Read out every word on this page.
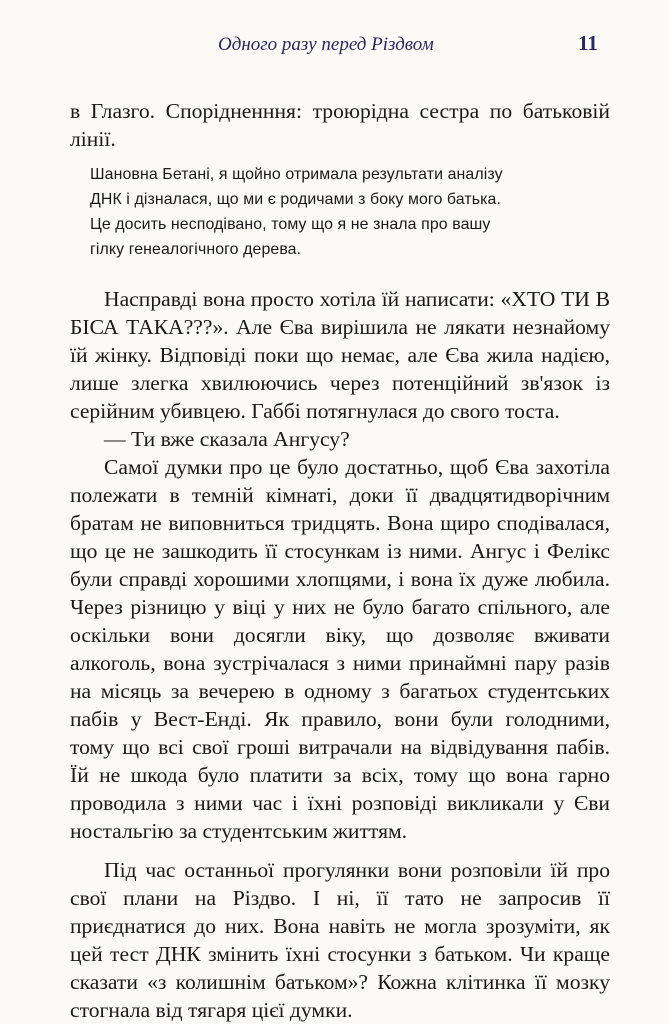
Одного разу перед Різдвом	11

в Глазго. Спорідненння: троюрідна сестра по батьковій лінії.

Шановна Бетані, я щойно отримала результати аналізу
ДНК і дізналася, що ми є родичами з боку мого батька.
Це досить несподівано, тому що я не знала про вашу
гілку генеалогічного дерева.

Насправді вона просто хотіла їй написати: «ХТО ТИ В БІСА ТАКА???». Але Єва вирішила не лякати незнайому їй жінку. Відповіді поки що немає, але Єва жила надією, лише злегка хвилюючись через потенційний зв'язок із серійним убивцею. Габбі потягнулася до свого тоста.

— Ти вже сказала Ангусу?

Самої думки про це було достатньо, щоб Єва захотіла полежати в темній кімнаті, доки її двадцятидворічним братам не виповниться тридцять. Вона щиро сподівалася, що це не зашкодить її стосункам із ними. Ангус і Фелікс були справді хорошими хлопцями, і вона їх дуже любила. Через різницю у віці у них не було багато спільного, але оскільки вони досягли віку, що дозволяє вживати алкоголь, вона зустрічалася з ними принаймні пару разів на місяць за вечерею в одному з багатьох студентських пабів у Вест-Енді. Як правило, вони були голодними, тому що всі свої гроші витрачали на відвідування пабів. Їй не шкода було платити за всіх, тому що вона гарно проводила з ними час і їхні розповіді викликали у Єви ностальгію за студентським життям.

Під час останньої прогулянки вони розповіли їй про свої плани на Різдво. І ні, її тато не запросив її приєднатися до них. Вона навіть не могла зрозуміти, як цей тест ДНК змінить їхні стосунки з батьком. Чи краще сказати «з колишнім батьком»? Кожна клітинка її мозку стогнала від тягаря цієї думки.
